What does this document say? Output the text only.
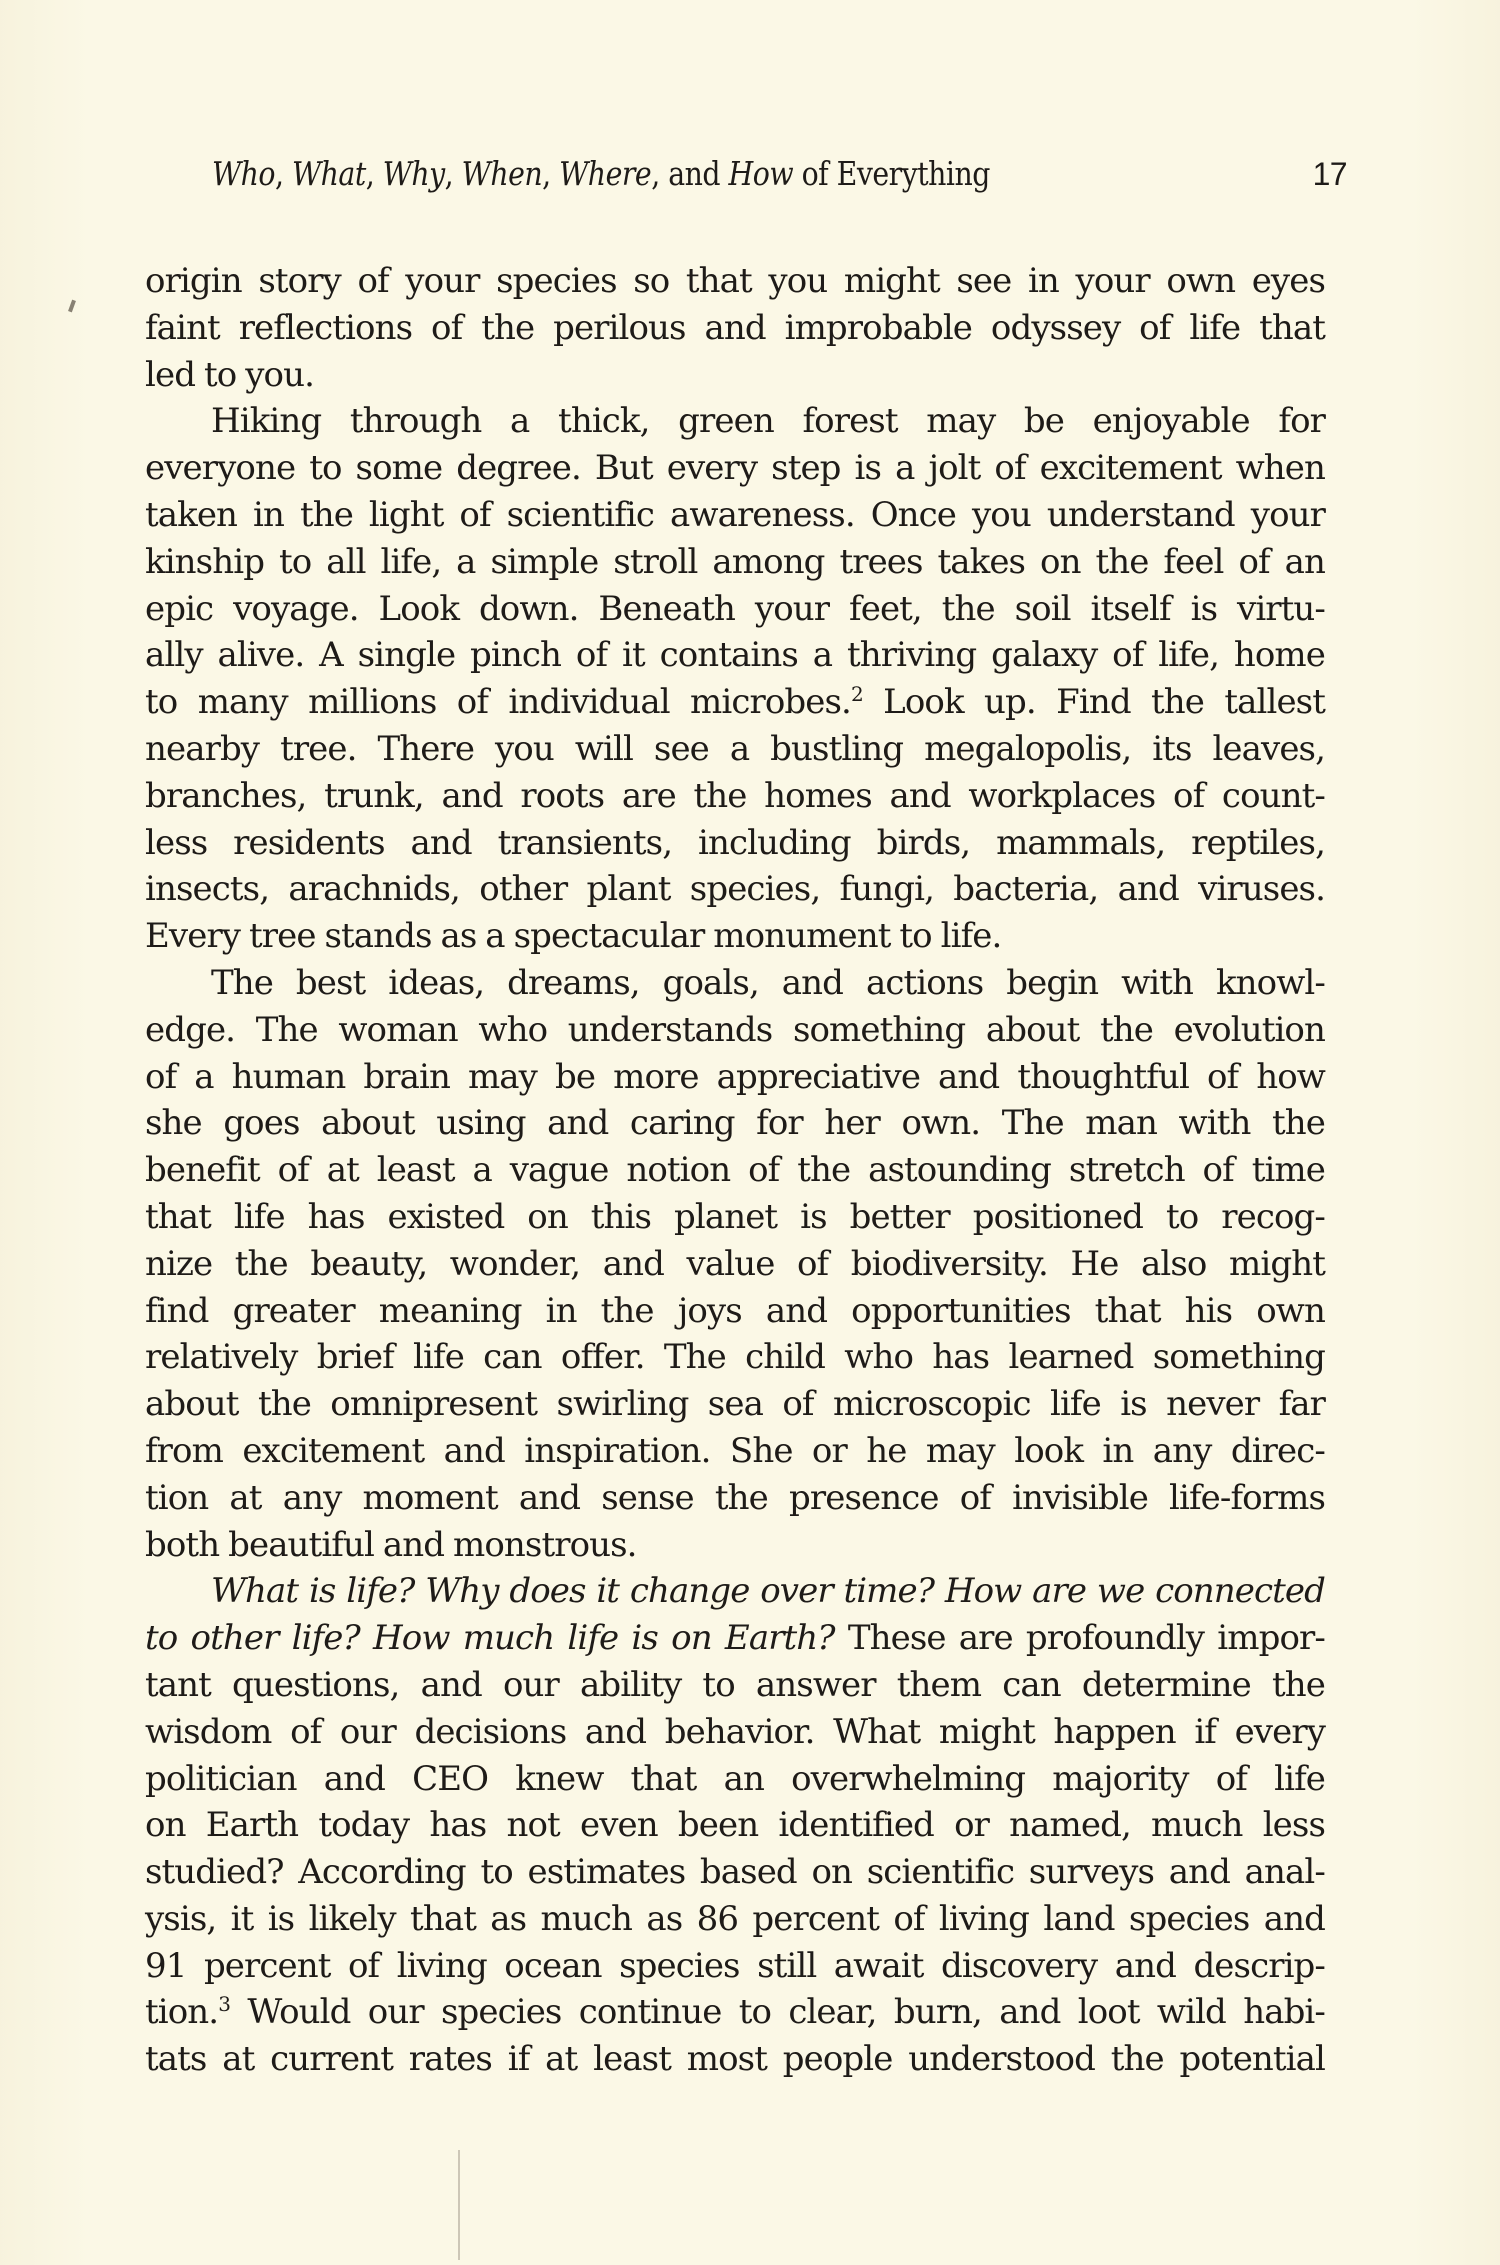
Who, What, Why, When, Where, and How of Everything	17
origin story of your species so that you might see in your own eyes
faint reflections of the perilous and improbable odyssey of life that
led to you.
Hiking through a thick, green forest may be enjoyable for
everyone to some degree. But every step is a jolt of excitement when
taken in the light of scientific awareness. Once you understand your
kinship to all life, a simple stroll among trees takes on the feel of an
epic voyage. Look down. Beneath your feet, the soil itself is virtu-
ally alive. A single pinch of it contains a thriving galaxy of life, home
to many millions of individual microbes.$^2$ Look up. Find the tallest
nearby tree. There you will see a bustling megalopolis, its leaves,
branches, trunk, and roots are the homes and workplaces of count-
less residents and transients, including birds, mammals, reptiles,
insects, arachnids, other plant species, fungi, bacteria, and viruses.
Every tree stands as a spectacular monument to life.
The best ideas, dreams, goals, and actions begin with knowl-
edge. The woman who understands something about the evolution
of a human brain may be more appreciative and thoughtful of how
she goes about using and caring for her own. The man with the
benefit of at least a vague notion of the astounding stretch of time
that life has existed on this planet is better positioned to recog-
nize the beauty, wonder, and value of biodiversity. He also might
find greater meaning in the joys and opportunities that his own
relatively brief life can offer. The child who has learned something
about the omnipresent swirling sea of microscopic life is never far
from excitement and inspiration. She or he may look in any direc-
tion at any moment and sense the presence of invisible life-forms
both beautiful and monstrous.
What is life? Why does it change over time? How are we connected
to other life? How much life is on Earth? These are profoundly impor-
tant questions, and our ability to answer them can determine the
wisdom of our decisions and behavior. What might happen if every
politician and CEO knew that an overwhelming majority of life
on Earth today has not even been identified or named, much less
studied? According to estimates based on scientific surveys and anal-
ysis, it is likely that as much as 86 percent of living land species and
91 percent of living ocean species still await discovery and descrip-
tion.$^3$ Would our species continue to clear, burn, and loot wild habi-
tats at current rates if at least most people understood the potential
